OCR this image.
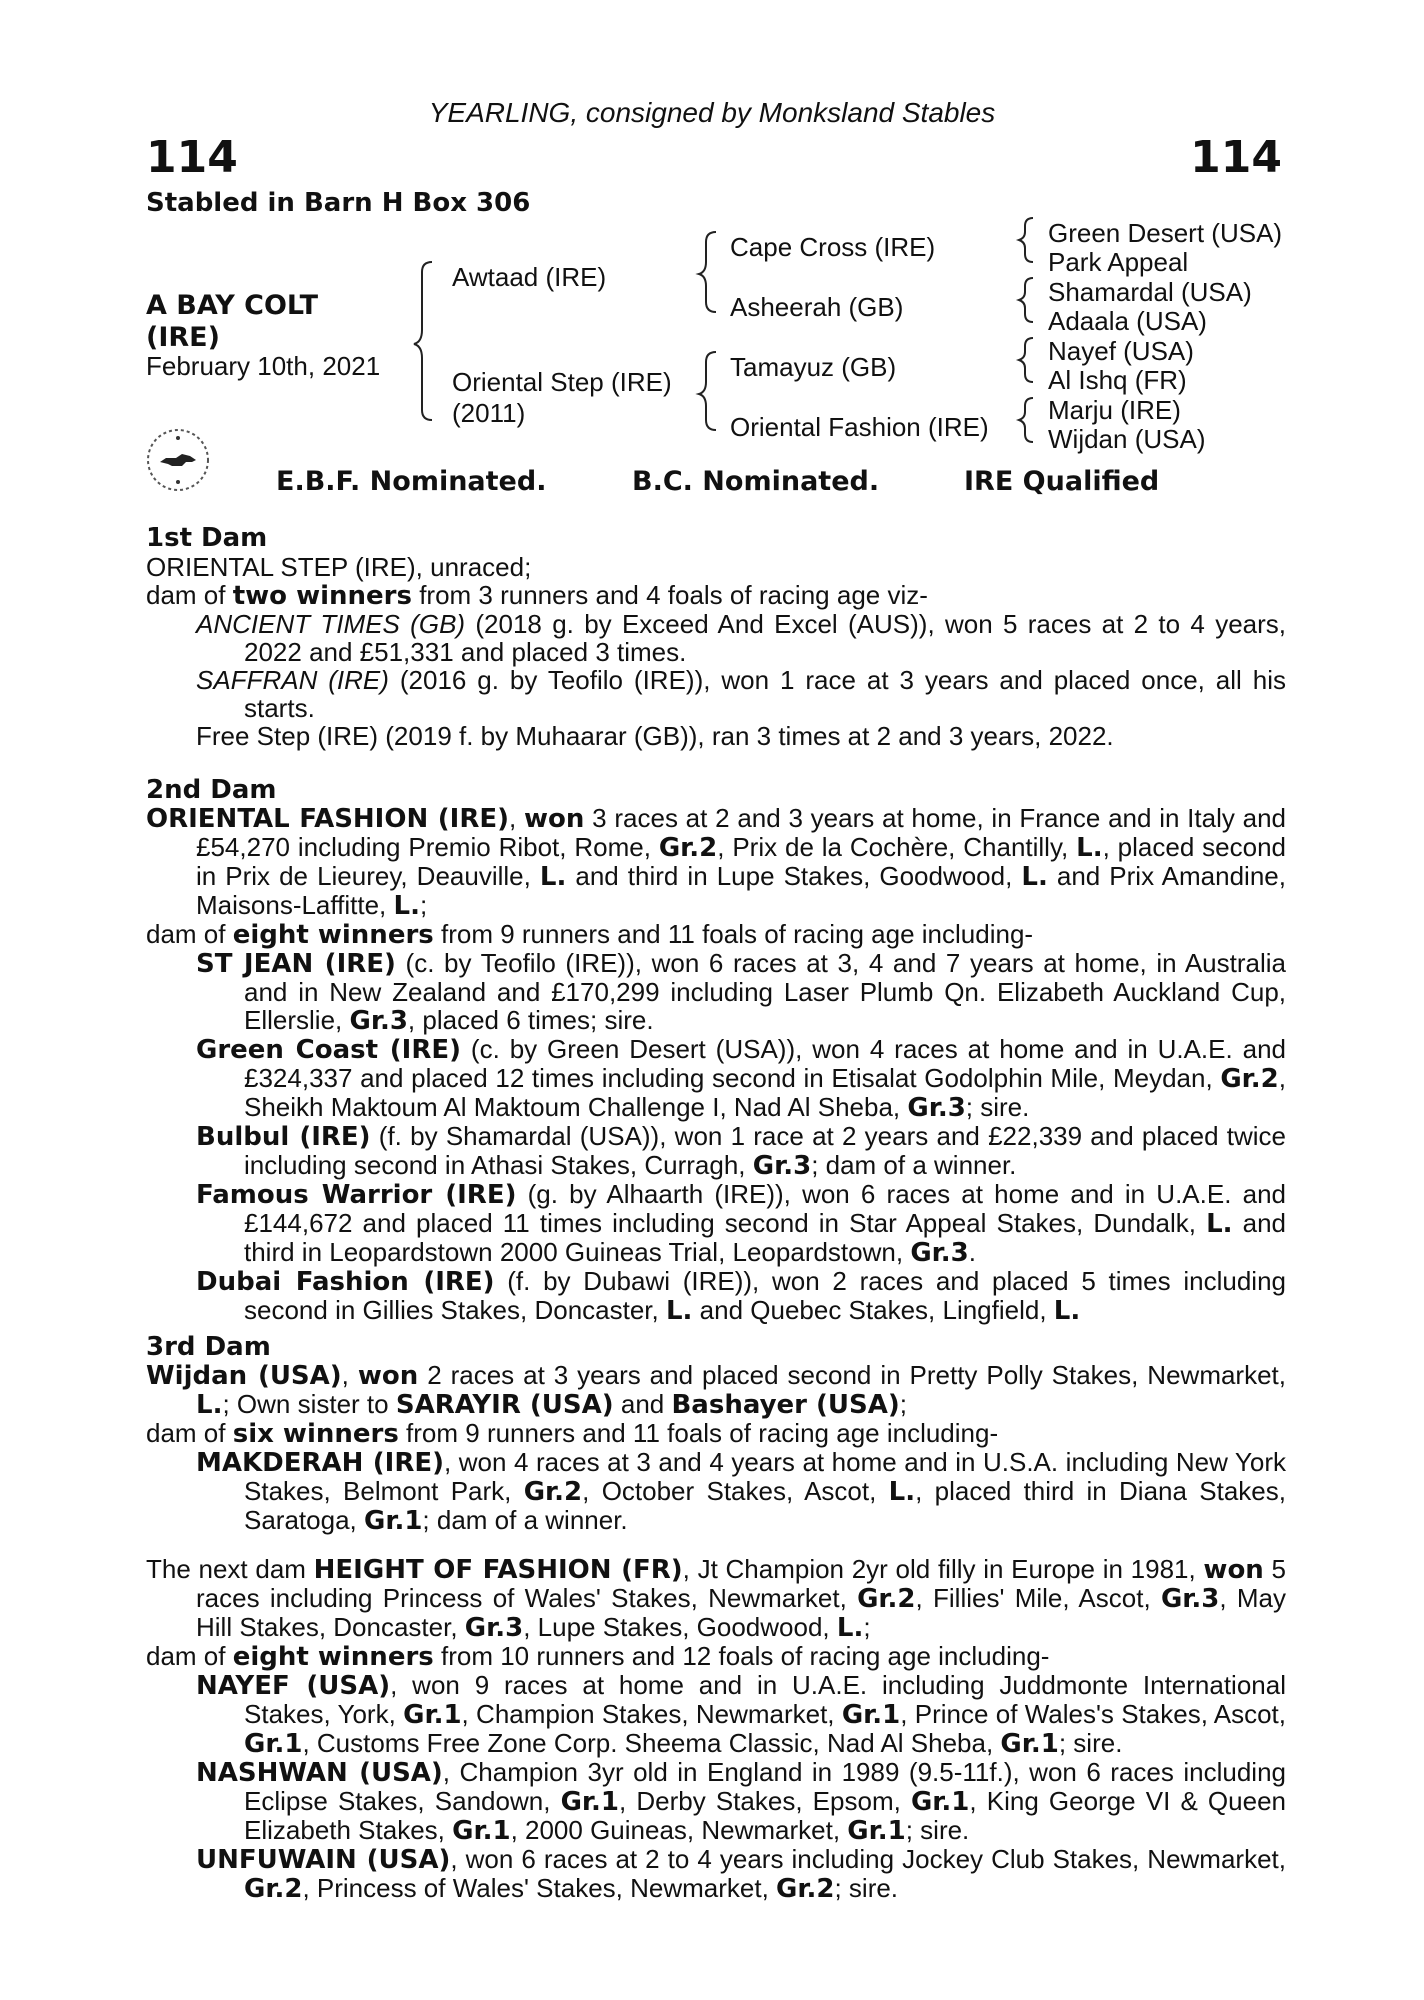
YEARLING, consigned by Monksland Stables
114	114
Stabled in Barn H Box 306
A BAY COLT
(IRE)
February 10th, 2021
Awtaad (IRE)
Oriental Step (IRE)
(2011)
Cape Cross (IRE)
Asheerah (GB)
Tamayuz (GB)
Oriental Fashion (IRE)
Green Desert (USA)
Park Appeal
Shamardal (USA)
Adaala (USA)
Nayef (USA)
Al Ishq (FR)
Marju (IRE)
Wijdan (USA)
E.B.F. Nominated.	B.C. Nominated.	IRE Qualified
1st Dam

ORIENTAL STEP (IRE), unraced;

dam of two winners from 3 runners and 4 foals of racing age viz-

ANCIENT TIMES (GB) (2018 g. by Exceed And Excel (AUS)), won 5 races at 2 to 4 years, 2022 and £51,331 and placed 3 times.

SAFFRAN (IRE) (2016 g. by Teofilo (IRE)), won 1 race at 3 years and placed once, all his starts.

Free Step (IRE) (2019 f. by Muhaarar (GB)), ran 3 times at 2 and 3 years, 2022.

2nd Dam

ORIENTAL FASHION (IRE), won 3 races at 2 and 3 years at home, in France and in Italy and £54,270 including Premio Ribot, Rome, Gr.2, Prix de la Cochère, Chantilly, L., placed second in Prix de Lieurey, Deauville, L. and third in Lupe Stakes, Goodwood, L. and Prix Amandine, Maisons-Laffitte, L.;

dam of eight winners from 9 runners and 11 foals of racing age including-

ST JEAN (IRE) (c. by Teofilo (IRE)), won 6 races at 3, 4 and 7 years at home, in Australia and in New Zealand and £170,299 including Laser Plumb Qn. Elizabeth Auckland Cup, Ellerslie, Gr.3, placed 6 times; sire.

Green Coast (IRE) (c. by Green Desert (USA)), won 4 races at home and in U.A.E. and £324,337 and placed 12 times including second in Etisalat Godolphin Mile, Meydan, Gr.2, Sheikh Maktoum Al Maktoum Challenge I, Nad Al Sheba, Gr.3; sire.

Bulbul (IRE) (f. by Shamardal (USA)), won 1 race at 2 years and £22,339 and placed twice including second in Athasi Stakes, Curragh, Gr.3; dam of a winner.

Famous Warrior (IRE) (g. by Alhaarth (IRE)), won 6 races at home and in U.A.E. and £144,672 and placed 11 times including second in Star Appeal Stakes, Dundalk, L. and third in Leopardstown 2000 Guineas Trial, Leopardstown, Gr.3.

Dubai Fashion (IRE) (f. by Dubawi (IRE)), won 2 races and placed 5 times including second in Gillies Stakes, Doncaster, L. and Quebec Stakes, Lingfield, L.

3rd Dam

Wijdan (USA), won 2 races at 3 years and placed second in Pretty Polly Stakes, Newmarket, L.; Own sister to SARAYIR (USA) and Bashayer (USA);

dam of six winners from 9 runners and 11 foals of racing age including-

MAKDERAH (IRE), won 4 races at 3 and 4 years at home and in U.S.A. including New York Stakes, Belmont Park, Gr.2, October Stakes, Ascot, L., placed third in Diana Stakes, Saratoga, Gr.1; dam of a winner.

The next dam HEIGHT OF FASHION (FR), Jt Champion 2yr old filly in Europe in 1981, won 5 races including Princess of Wales' Stakes, Newmarket, Gr.2, Fillies' Mile, Ascot, Gr.3, May Hill Stakes, Doncaster, Gr.3, Lupe Stakes, Goodwood, L.;

dam of eight winners from 10 runners and 12 foals of racing age including-

NAYEF (USA), won 9 races at home and in U.A.E. including Juddmonte International Stakes, York, Gr.1, Champion Stakes, Newmarket, Gr.1, Prince of Wales's Stakes, Ascot, Gr.1, Customs Free Zone Corp. Sheema Classic, Nad Al Sheba, Gr.1; sire.

NASHWAN (USA), Champion 3yr old in England in 1989 (9.5-11f.), won 6 races including Eclipse Stakes, Sandown, Gr.1, Derby Stakes, Epsom, Gr.1, King George VI & Queen Elizabeth Stakes, Gr.1, 2000 Guineas, Newmarket, Gr.1; sire.

UNFUWAIN (USA), won 6 races at 2 to 4 years including Jockey Club Stakes, Newmarket, Gr.2, Princess of Wales' Stakes, Newmarket, Gr.2; sire.
